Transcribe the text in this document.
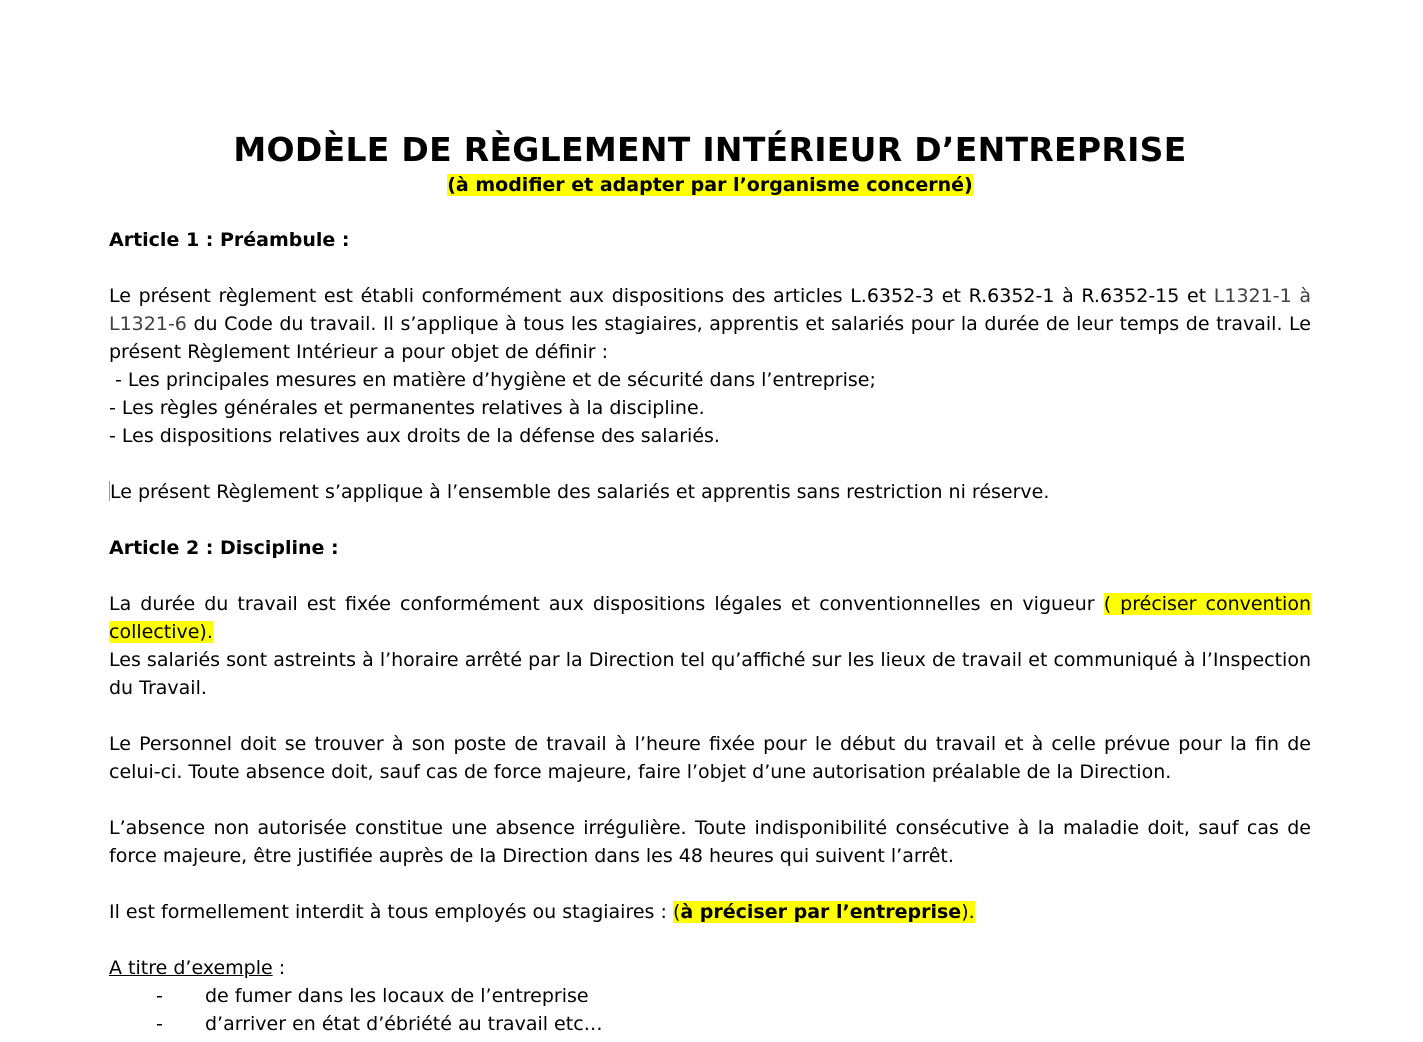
MODÈLE DE RÈGLEMENT INTÉRIEUR D’ENTREPRISE

(à modifier et adapter par l’organisme concerné)

Article 1 : Préambule :

Le présent règlement est établi conformément aux dispositions des articles L.6352-3 et R.6352-1 à R.6352-15 et L1321-1 à L1321-6 du Code du travail. Il s’applique à tous les stagiaires, apprentis et salariés pour la durée de leur temps de travail. Le présent Règlement Intérieur a pour objet de définir :

- Les principales mesures en matière d’hygiène et de sécurité dans l’entreprise;

- Les règles générales et permanentes relatives à la discipline.

- Les dispositions relatives aux droits de la défense des salariés.

Le présent Règlement s’applique à l’ensemble des salariés et apprentis sans restriction ni réserve.

Article 2 : Discipline :

La durée du travail est fixée conformément aux dispositions légales et conventionnelles en vigueur ( préciser convention collective).

Les salariés sont astreints à l’horaire arrêté par la Direction tel qu’affiché sur les lieux de travail et communiqué à l’Inspection du Travail.

Le Personnel doit se trouver à son poste de travail à l’heure fixée pour le début du travail et à celle prévue pour la fin de celui-ci. Toute absence doit, sauf cas de force majeure, faire l’objet d’une autorisation préalable de la Direction.

L’absence non autorisée constitue une absence irrégulière. Toute indisponibilité consécutive à la maladie doit, sauf cas de force majeure, être justifiée auprès de la Direction dans les 48 heures qui suivent l’arrêt.

Il est formellement interdit à tous employés ou stagiaires : (à préciser par l’entreprise).

A titre d’exemple :

-	de fumer dans les locaux de l’entreprise
-	d’arriver en état d’ébriété au travail etc…
